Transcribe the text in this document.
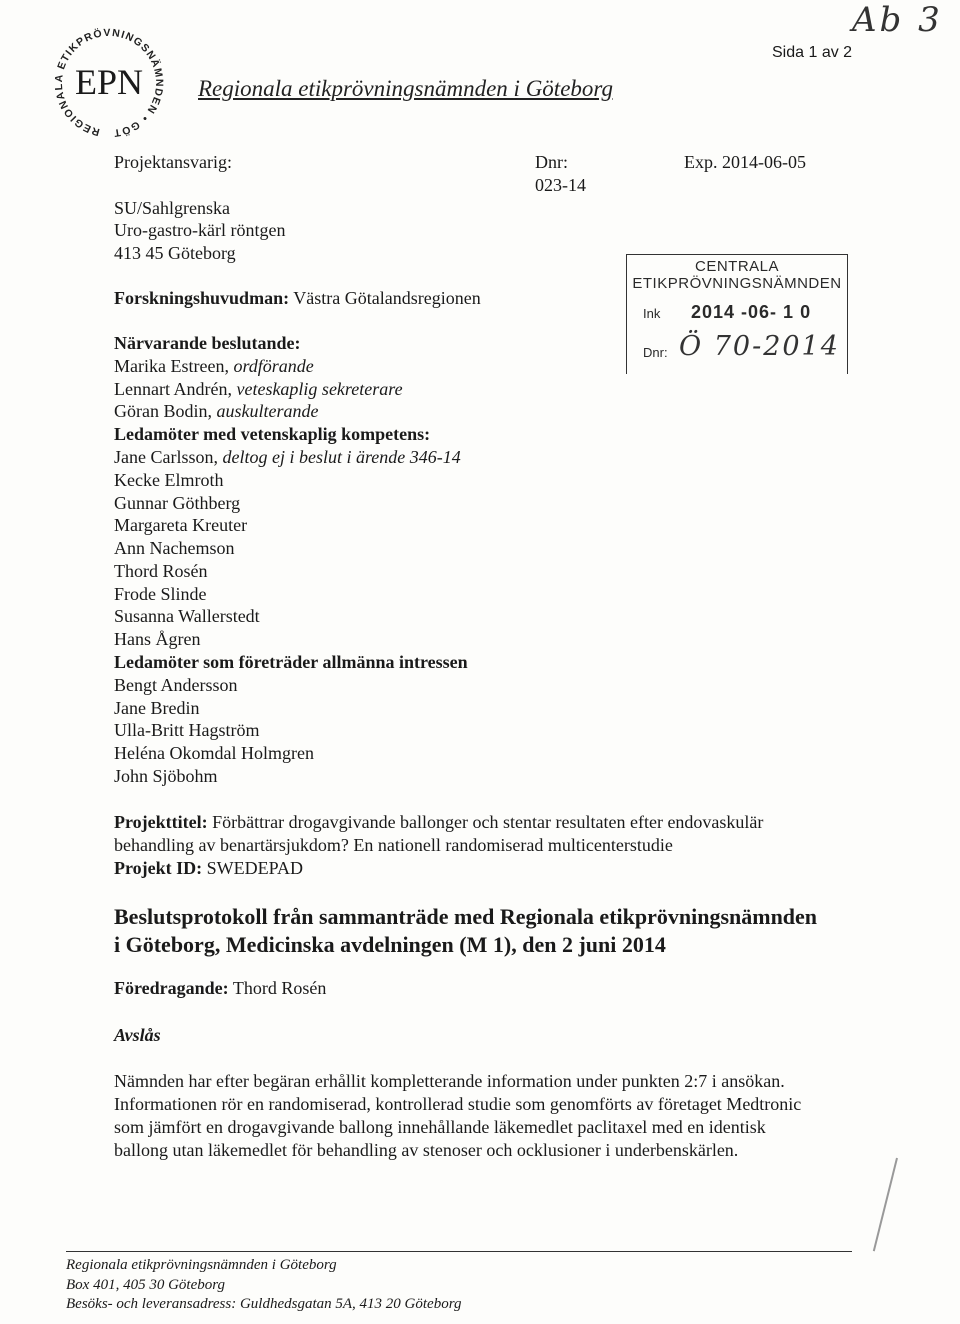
REGIONALA ETIKPRÖVNINGSNÄMNDEN • GÖT
EPN Regionala etikprövningsnämnden i Göteborg
Sida 1 av 2
Ab 3
Projektansvarig:	Dnr:
023-14
Exp. 2014-06-05
SU/Sahlgrenska
Uro-gastro-kärl röntgen
413 45 Göteborg
Forskningshuvudman: Västra Götalandsregionen
CENTRALA
ETIKPRÖVNINGSNÄMNDEN
Ink 2014 -06- 1 0
Dnr: Ö 70-2014
Närvarande beslutande:
Marika Estreen, ordförande
Lennart Andrén, veteskaplig sekreterare
Göran Bodin, auskulterande
Ledamöter med vetenskaplig kompetens:
Jane Carlsson, deltog ej i beslut i ärende 346-14
Kecke Elmroth
Gunnar Göthberg
Margareta Kreuter
Ann Nachemson
Thord Rosén
Frode Slinde
Susanna Wallerstedt
Hans Ågren
Ledamöter som företräder allmänna intressen
Bengt Andersson
Jane Bredin
Ulla-Britt Hagström
Heléna Okomdal Holmgren
John Sjöbohm
Projekttitel: Förbättrar drogavgivande ballonger och stentar resultaten efter endovaskulär
behandling av benartärsjukdom? En nationell randomiserad multicenterstudie
Projekt ID: SWEDEPAD
Beslutsprotokoll från sammanträde med Regionala etikprövningsnämnden
i Göteborg, Medicinska avdelningen (M 1), den 2 juni 2014
Föredragande: Thord Rosén
Avslås
Nämnden har efter begäran erhållit kompletterande information under punkten 2:7 i ansökan.
Informationen rör en randomiserad, kontrollerad studie som genomförts av företaget Medtronic
som jämfört en drogavgivande ballong innehållande läkemedlet paclitaxel med en identisk
ballong utan läkemedlet för behandling av stenoser och ocklusioner i underbenskärlen.
Regionala etikprövningsnämnden i Göteborg
Box 401, 405 30 Göteborg
Besöks- och leveransadress: Guldhedsgatan 5A, 413 20 Göteborg
